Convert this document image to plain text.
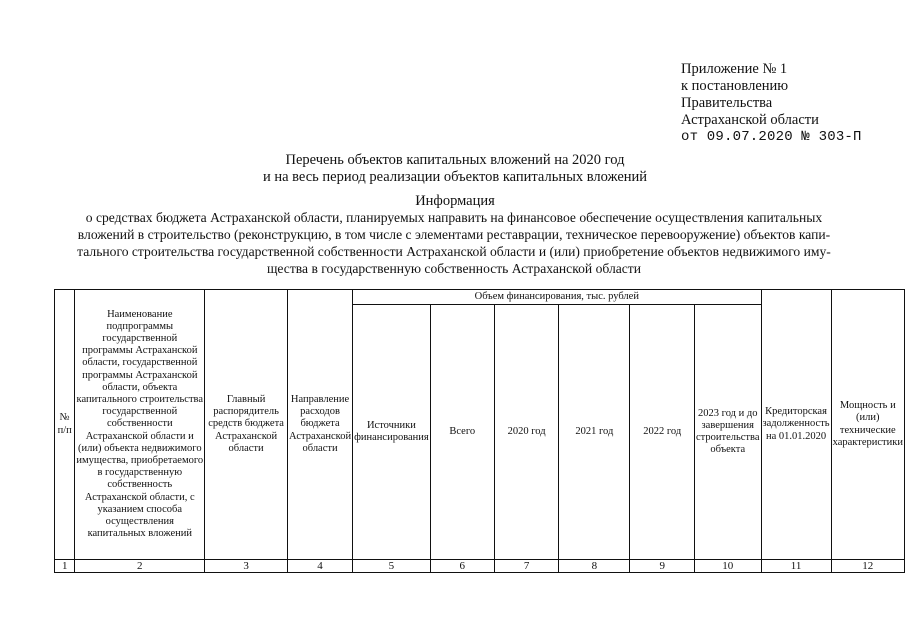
Приложение № 1
к постановлению
Правительства
Астраханской области
от 09.07.2020 № 303-П
Перечень объектов капитальных вложений на 2020 год
и на весь период реализации объектов капитальных вложений
Информация
о средствах бюджета Астраханской области, планируемых направить на финансовое обеспечение осуществления капитальных
вложений в строительство (реконструкцию, в том числе с элементами реставрации, техническое перевооружение) объектов капи-
тального строительства государственной собственности Астраханской области и (или) приобретение объектов недвижимого иму-
щества в государственную собственность Астраханской области
№ п/п	Наименование подпрограммы государственной программы Астраханской области, государственной программы Астраханской области, объекта капитального строительства государственной собственности Астраханской области и (или) объекта недвижимого имущества, приобретаемого в государственную собственность Астраханской области, с указанием способа осуществления капитальных вложений	Главный распорядитель средств бюджета Астраханской области	Направление расходов бюджета Астраханской области	Объем финансирования, тыс. рублей						Кредиторская задолженность на 01.01.2020	Мощность и (или) технические характеристики
				Источники финансирования	Всего	2020 год	2021 год	2022 год	2023 год и до завершения строительства объекта		
1	2	3	4	5	6	7	8	9	10	11	12
